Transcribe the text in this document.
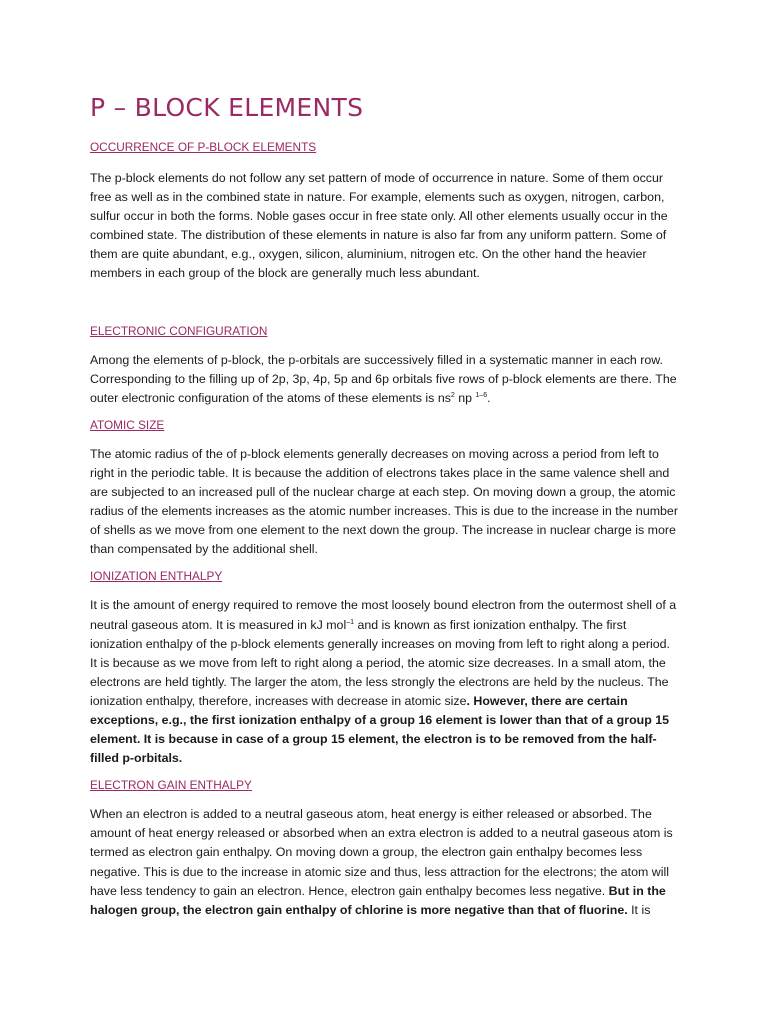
P – BLOCK ELEMENTS
OCCURRENCE OF P-BLOCK ELEMENTS

The p-block elements do not follow any set pattern of mode of occurrence in nature. Some of them occur free as well as in the combined state in nature. For example, elements such as oxygen, nitrogen, carbon, sulfur occur in both the forms. Noble gases occur in free state only. All other elements usually occur in the combined state. The distribution of these elements in nature is also far from any uniform pattern. Some of them are quite abundant, e.g., oxygen, silicon, aluminium, nitrogen etc. On the other hand the heavier members in each group of the block are generally much less abundant.

ELECTRONIC CONFIGURATION

Among the elements of p-block, the p-orbitals are successively filled in a systematic manner in each row. Corresponding to the filling up of 2p, 3p, 4p, 5p and 6p orbitals five rows of p-block elements are there. The outer electronic configuration of the atoms of these elements is $ns^2$ np $^{1-6}$.

ATOMIC SIZE

The atomic radius of the of p-block elements generally decreases on moving across a period from left to right in the periodic table. It is because the addition of electrons takes place in the same valence shell and are subjected to an increased pull of the nuclear charge at each step. On moving down a group, the atomic radius of the elements increases as the atomic number increases. This is due to the increase in the number of shells as we move from one element to the next down the group. The increase in nuclear charge is more than compensated by the additional shell.

IONIZATION ENTHALPY

It is the amount of energy required to remove the most loosely bound electron from the outermost shell of a neutral gaseous atom. It is measured in kJ mol$^{-1}$ and is known as first ionization enthalpy. The first ionization enthalpy of the p-block elements generally increases on moving from left to right along a period. It is because as we move from left to right along a period, the atomic size decreases. In a small atom, the electrons are held tightly. The larger the atom, the less strongly the electrons are held by the nucleus. The ionization enthalpy, therefore, increases with decrease in atomic size. However, there are certain exceptions, e.g., the first ionization enthalpy of a group 16 element is lower than that of a group 15 element. It is because in case of a group 15 element, the electron is to be removed from the half-filled p-orbitals.

ELECTRON GAIN ENTHALPY

When an electron is added to a neutral gaseous atom, heat energy is either released or absorbed. The amount of heat energy released or absorbed when an extra electron is added to a neutral gaseous atom is termed as electron gain enthalpy. On moving down a group, the electron gain enthalpy becomes less negative. This is due to the increase in atomic size and thus, less attraction for the electrons; the atom will have less tendency to gain an electron. Hence, electron gain enthalpy becomes less negative. But in the halogen group, the electron gain enthalpy of chlorine is more negative than that of fluorine. It is
